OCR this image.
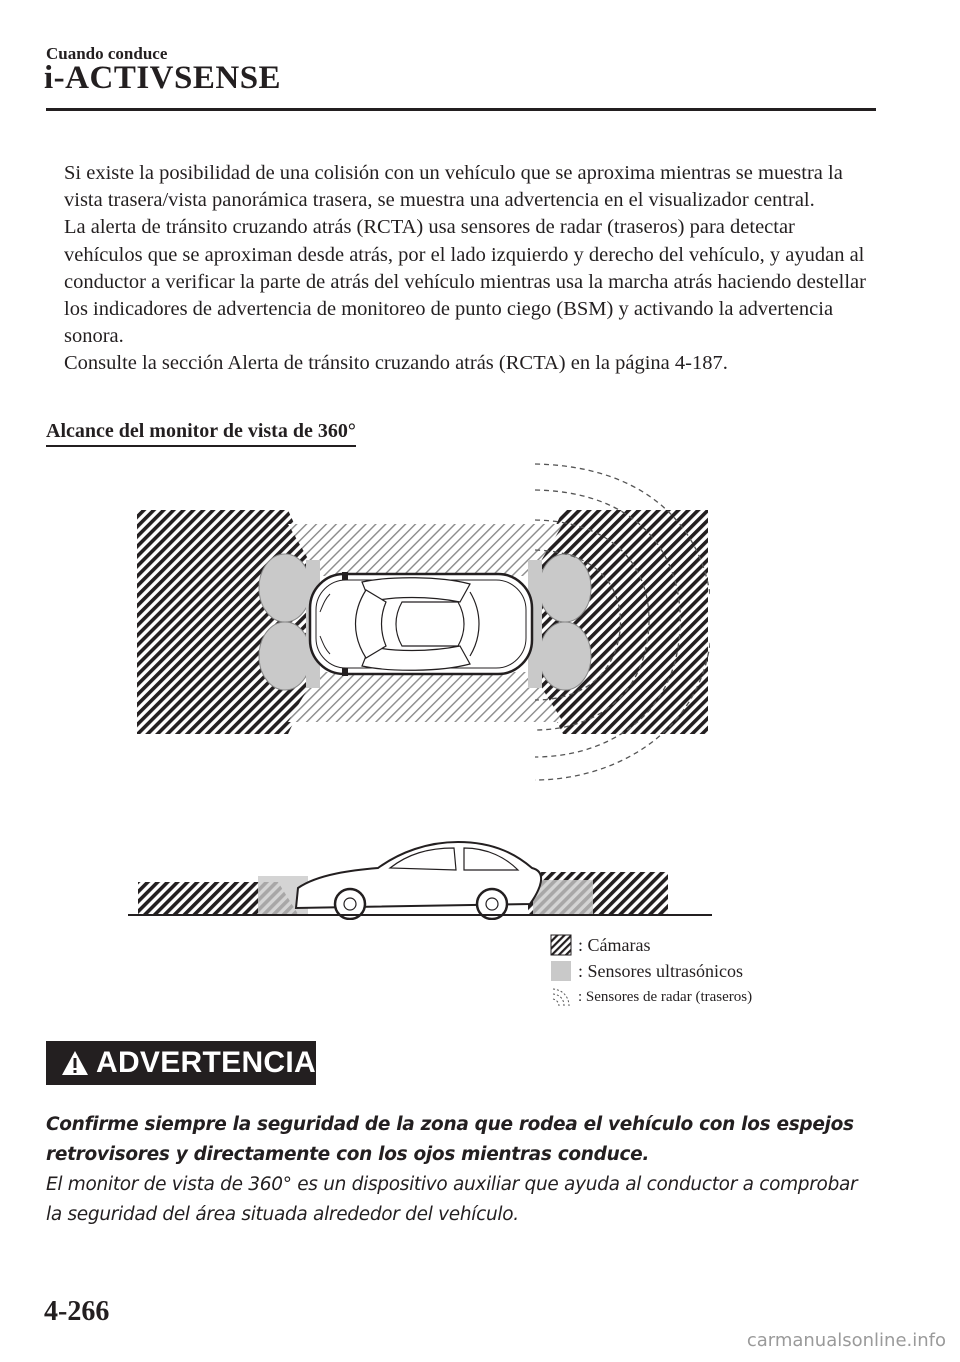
Cuando conduce
i-ACTIVSENSE

Si existe la posibilidad de una colisión con un vehículo que se aproxima mientras se muestra la vista trasera/vista panorámica trasera, se muestra una advertencia en el visualizador central.

La alerta de tránsito cruzando atrás (RCTA) usa sensores de radar (traseros) para detectar vehículos que se aproximan desde atrás, por el lado izquierdo y derecho del vehículo, y ayudan al conductor a verificar la parte de atrás del vehículo mientras usa la marcha atrás haciendo destellar los indicadores de advertencia de monitoreo de punto ciego (BSM) y activando la advertencia sonora.

Consulte la sección Alerta de tránsito cruzando atrás (RCTA) en la página 4-187.

Alcance del monitor de vista de 360°
: Cámaras
: Sensores ultrasónicos
: Sensores de radar (traseros)
ADVERTENCIA

Confirme siempre la seguridad de la zona que rodea el vehículo con los espejos retrovisores y directamente con los ojos mientras conduce.

El monitor de vista de 360° es un dispositivo auxiliar que ayuda al conductor a comprobar la seguridad del área situada alrededor del vehículo.

4-266
carmanualsonline.info
